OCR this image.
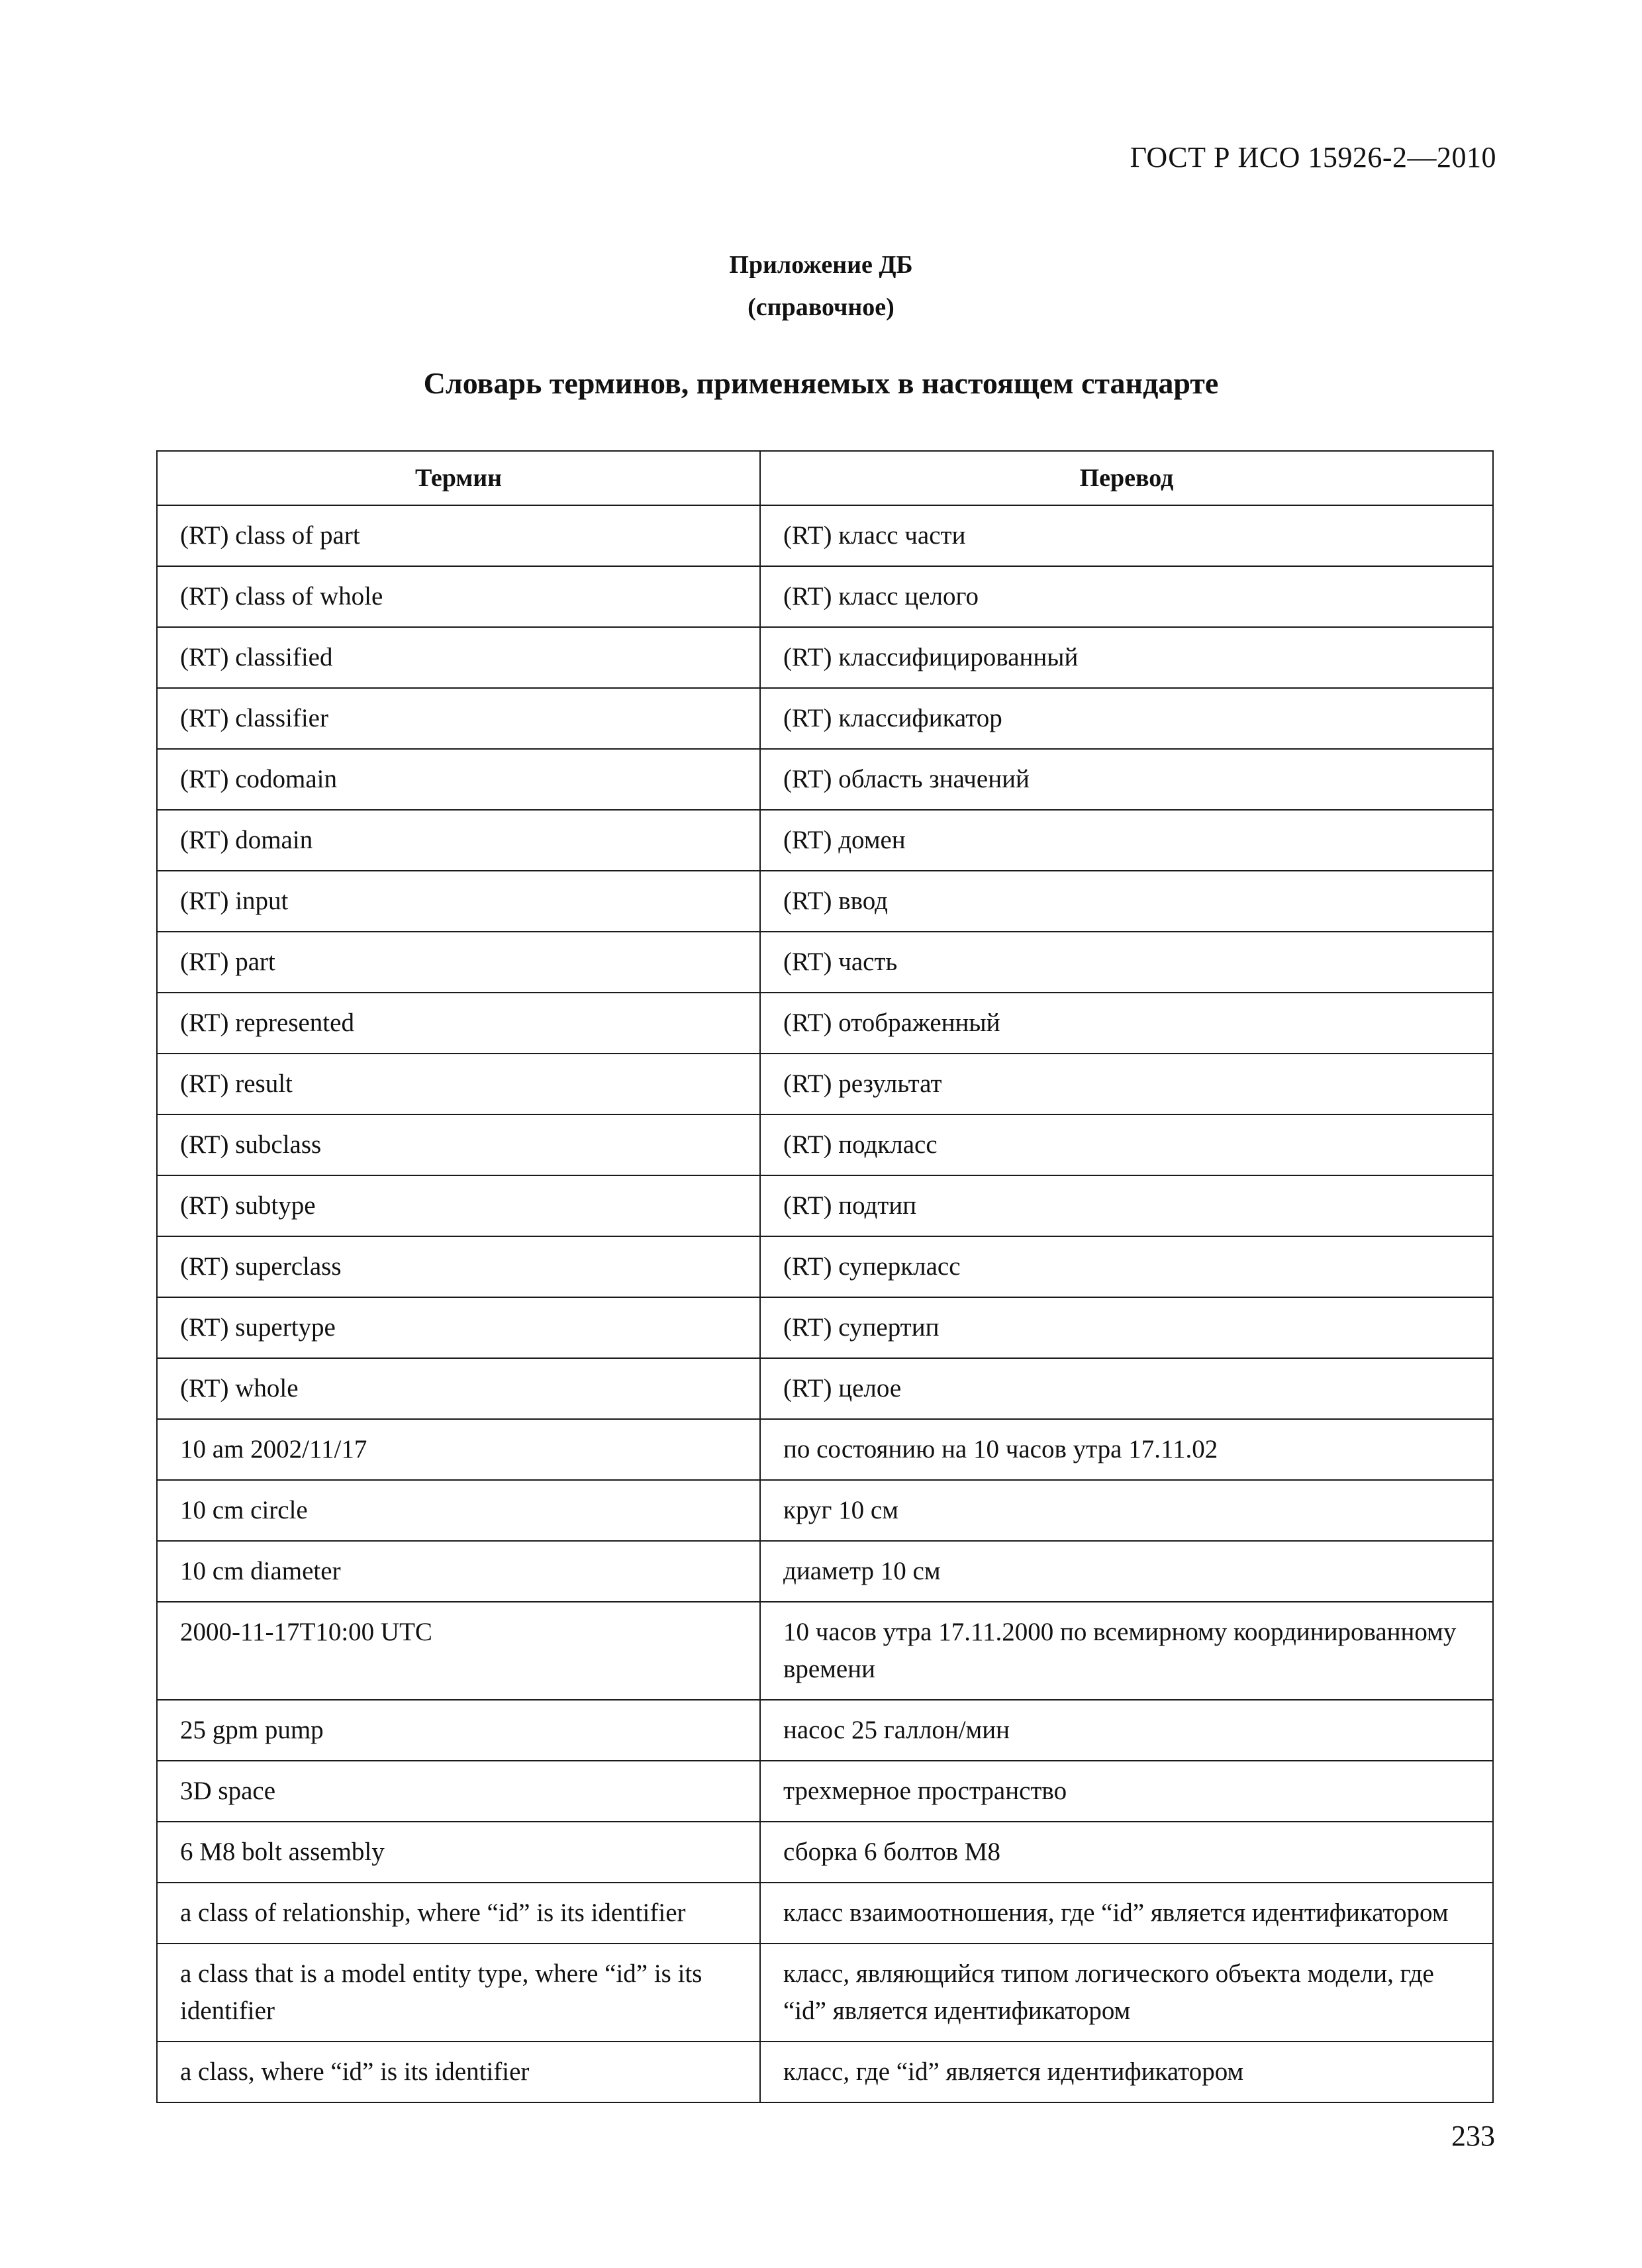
ГОСТ Р ИСО 15926-2—2010
Приложение ДБ
(справочное)
Словарь терминов, применяемых в настоящем стандарте
Термин	Перевод
(RT) class of part	(RT) класс части
(RT) class of whole	(RT) класс целого
(RT) classified	(RT) классифицированный
(RT) classifier	(RT) классификатор
(RT) codomain	(RT) область значений
(RT) domain	(RT) домен
(RT) input	(RT) ввод
(RT) part	(RT) часть
(RT) represented	(RT) отображенный
(RT) result	(RT) результат
(RT) subclass	(RT) подкласс
(RT) subtype	(RT) подтип
(RT) superclass	(RT) суперкласс
(RT) supertype	(RT) супертип
(RT) whole	(RT) целое
10 am 2002/11/17	по состоянию на 10 часов утра 17.11.02
10 cm circle	круг 10 см
10 cm diameter	диаметр 10 см
2000-11-17T10:00 UTC	10 часов утра 17.11.2000 по всемирному координированному времени
25 gpm pump	насос 25 галлон/мин
3D space	трехмерное пространство
6 M8 bolt assembly	сборка 6 болтов М8
a class of relationship, where “id” is its identifier	класс взаимоотношения, где “id” является идентификатором
a class that is a model entity type, where “id” is its identifier	класс, являющийся типом логического объекта модели, где “id” является идентификатором
a class, where “id” is its identifier	класс, где “id” является идентификатором
233
